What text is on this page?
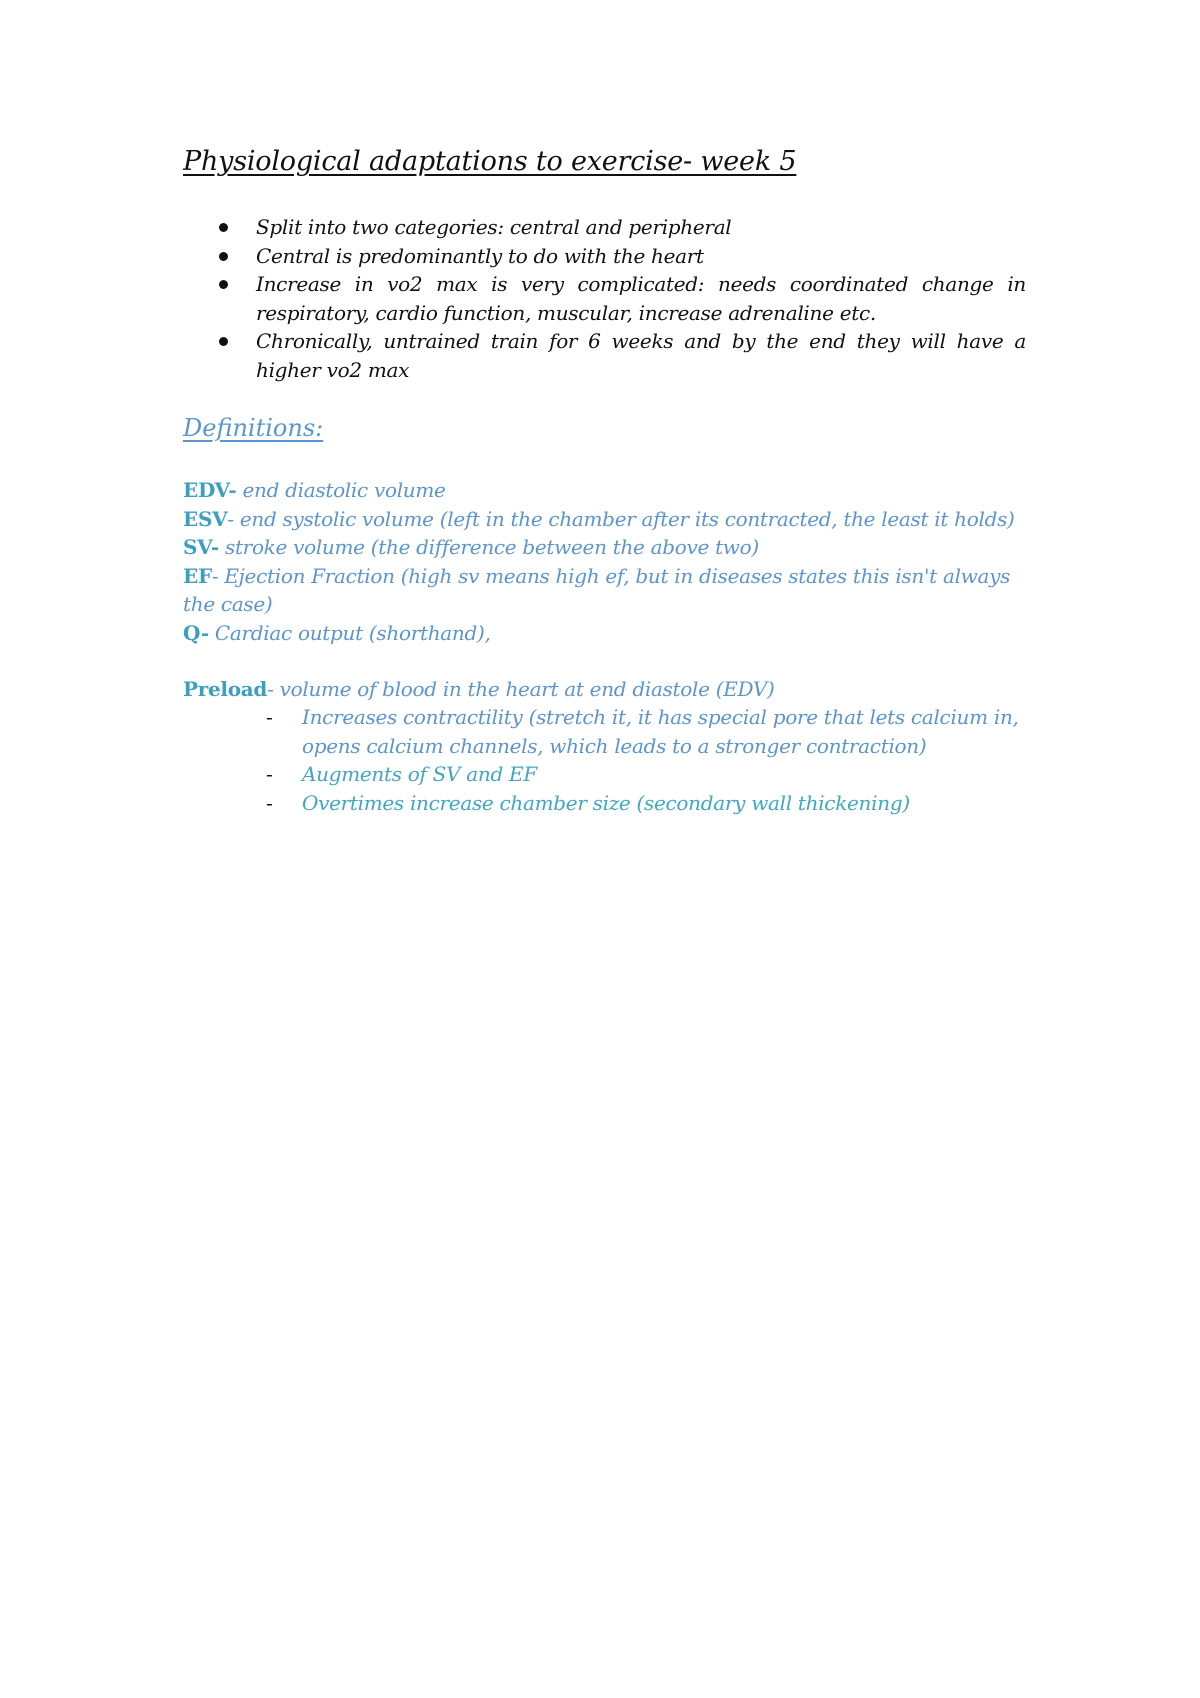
Physiological adaptations to exercise- week 5
Split into two categories: central and peripheral
Central is predominantly to do with the heart
Increase in vo2 max is very complicated: needs coordinated change in respiratory, cardio function, muscular, increase adrenaline etc.
Chronically, untrained train for 6 weeks and by the end they will have a higher vo2 max
Definitions:
EDV- end diastolic volume
ESV- end systolic volume (left in the chamber after its contracted, the least it holds)
SV- stroke volume (the difference between the above two)
EF- Ejection Fraction (high sv means high ef, but in diseases states this isn't always the case)
Q- Cardiac output (shorthand),
Preload- volume of blood in the heart at end diastole (EDV)
- Increases contractility (stretch it, it has special pore that lets calcium in, opens calcium channels, which leads to a stronger contraction)
- Augments of SV and EF
- Overtimes increase chamber size (secondary wall thickening)
